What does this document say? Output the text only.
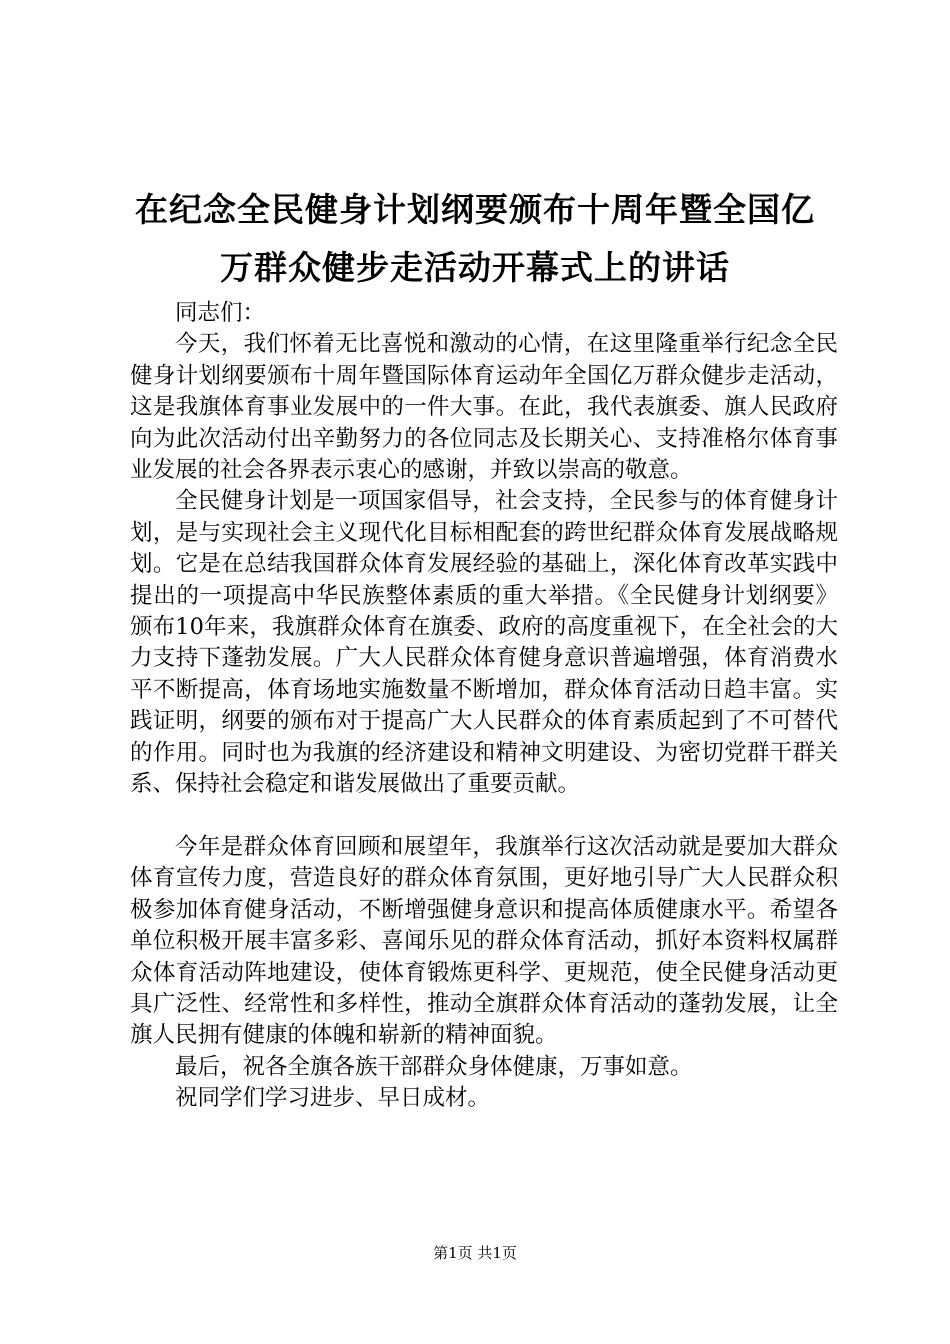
在纪念全民健身计划纲要颁布十周年暨全国亿
万群众健步走活动开幕式上的讲话

同志们：

今天，我们怀着无比喜悦和激动的心情，在这里隆重举行纪念全民健身计划纲要颁布十周年暨国际体育运动年全国亿万群众健步走活动，这是我旗体育事业发展中的一件大事。在此，我代表旗委、旗人民政府向为此次活动付出辛勤努力的各位同志及长期关心、支持准格尔体育事业发展的社会各界表示衷心的感谢，并致以崇高的敬意。

全民健身计划是一项国家倡导，社会支持，全民参与的体育健身计划，是与实现社会主义现代化目标相配套的跨世纪群众体育发展战略规划。它是在总结我国群众体育发展经验的基础上，深化体育改革实践中提出的一项提高中华民族整体素质的重大举措。《全民健身计划纲要》颁布10年来，我旗群众体育在旗委、政府的高度重视下，在全社会的大力支持下蓬勃发展。广大人民群众体育健身意识普遍增强，体育消费水平不断提高，体育场地实施数量不断增加，群众体育活动日趋丰富。实践证明，纲要的颁布对于提高广大人民群众的体育素质起到了不可替代的作用。同时也为我旗的经济建设和精神文明建设、为密切党群干群关系、保持社会稳定和谐发展做出了重要贡献。

今年是群众体育回顾和展望年，我旗举行这次活动就是要加大群众体育宣传力度，营造良好的群众体育氛围，更好地引导广大人民群众积极参加体育健身活动，不断增强健身意识和提高体质健康水平。希望各单位积极开展丰富多彩、喜闻乐见的群众体育活动，抓好本资料权属群众体育活动阵地建设，使体育锻炼更科学、更规范，使全民健身活动更具广泛性、经常性和多样性，推动全旗群众体育活动的蓬勃发展，让全旗人民拥有健康的体魄和崭新的精神面貌。

最后，祝各全旗各族干部群众身体健康，万事如意。

祝同学们学习进步、早日成材。

第1页 共1页
